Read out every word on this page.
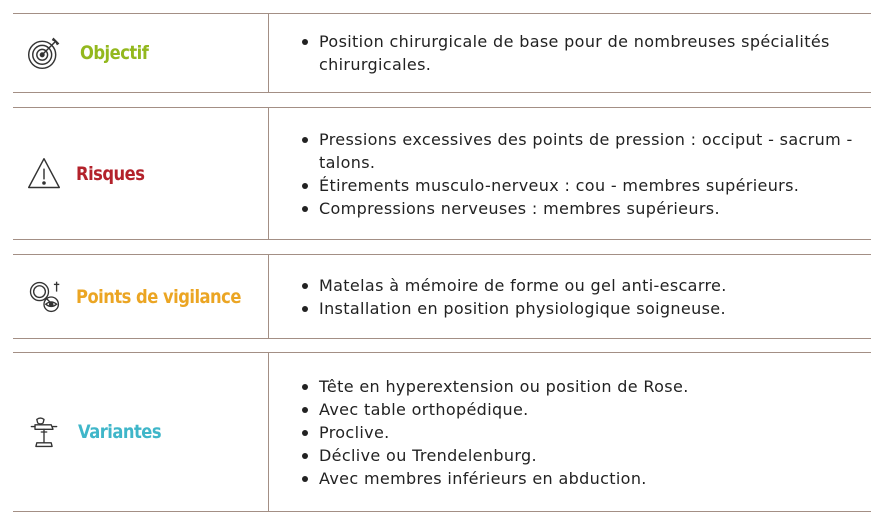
Objectif
Position chirurgicale de base pour de nombreuses spécialités chirurgicales.
Risques
Pressions excessives des points de pression : occiput - sacrum - talons.
Étirements musculo-nerveux : cou - membres supérieurs.
Compressions nerveuses : membres supérieurs.
Points de vigilance
Matelas à mémoire de forme ou gel anti-escarre.
Installation en position physiologique soigneuse.
Variantes
Tête en hyperextension ou position de Rose.
Avec table orthopédique.
Proclive.
Déclive ou Trendelenburg.
Avec membres inférieurs en abduction.
